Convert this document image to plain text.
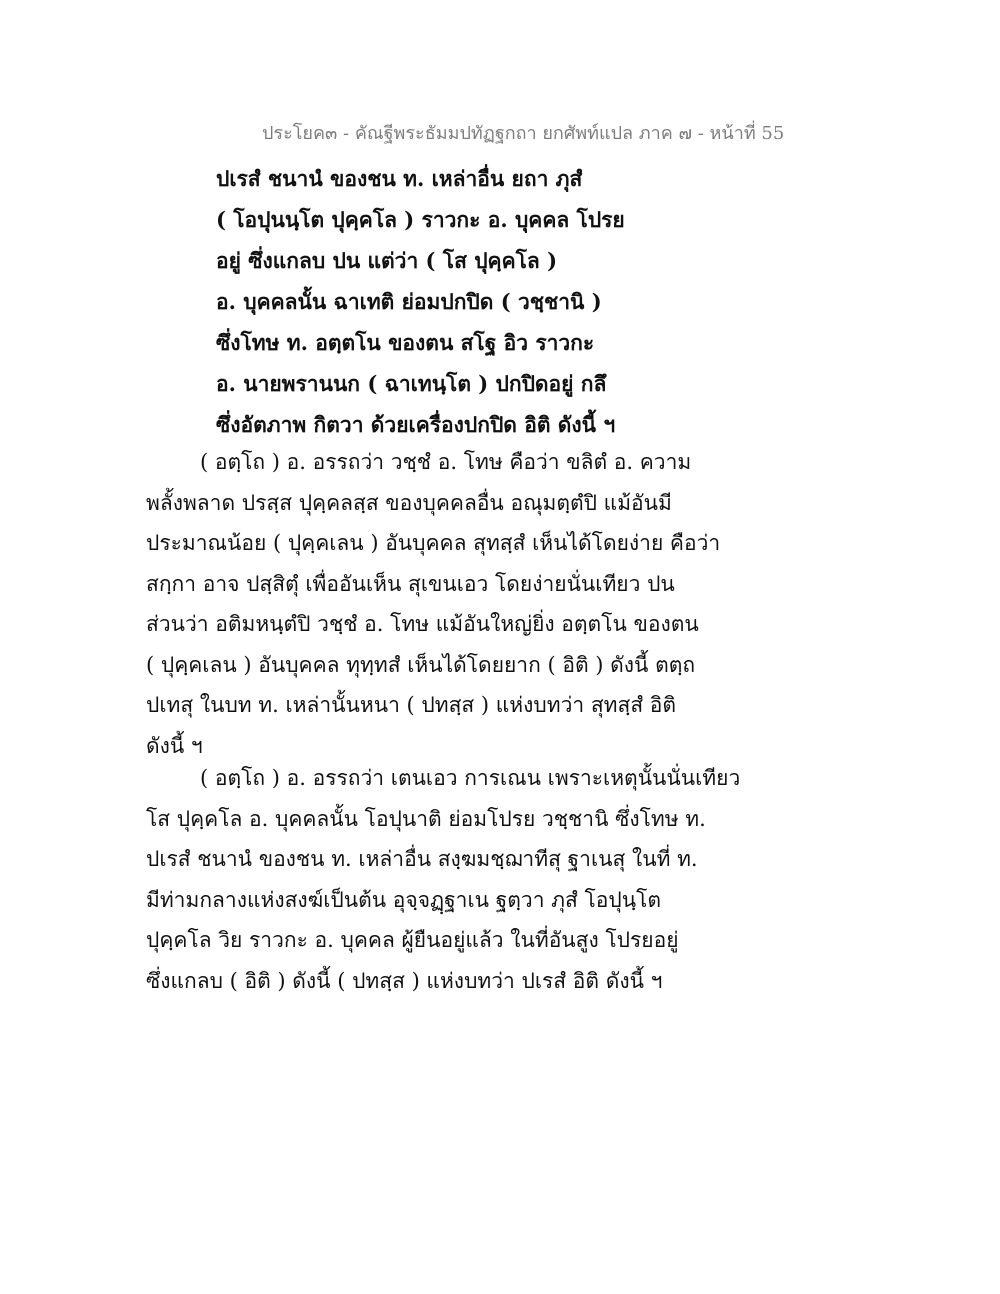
ประโยค๓ - คัณฐีพระธัมมปทัฏฐกถา ยกศัพท์แปล ภาค ๗ - หน้าที่ 55
ปเรสํ ชนานํ ของชน ท. เหล่าอื่น ยถา ภุสํ
( โอปุนนฺโต ปุคฺคโล ) ราวกะ อ. บุคคล โปรย
อยู่ ซึ่งแกลบ ปน แต่ว่า ( โส ปุคฺคโล )
อ. บุคคลนั้น ฉาเทติ ย่อมปกปิด ( วชฺชานิ )
ซึ่งโทษ ท. อตฺตโน ของตน สโฐ อิว ราวกะ
อ. นายพรานนก ( ฉาเทนฺโต ) ปกปิดอยู่ กลึ
ซึ่งอัตภาพ กิตวา ด้วยเครื่องปกปิด อิติ ดังนี้ ฯ
( อตฺโถ ) อ. อรรถว่า วชฺชํ อ. โทษ คือว่า ขลิตํ อ. ความ
พลั้งพลาด ปรสฺส ปุคฺคลสฺส ของบุคคลอื่น อณุมตฺตํปิ แม้อันมี
ประมาณน้อย ( ปุคฺคเลน ) อันบุคคล สุทสฺสํ เห็นได้โดยง่าย คือว่า
สกฺกา อาจ ปสฺสิตุํ เพื่ออันเห็น สุเขนเอว โดยง่ายนั่นเทียว ปน
ส่วนว่า อติมหนฺตํปิ วชฺชํ อ. โทษ แม้อันใหญ่ยิ่ง อตฺตโน ของตน
( ปุคฺคเลน ) อันบุคคล ทุทฺทสํ เห็นได้โดยยาก ( อิติ ) ดังนี้ ตตฺถ
ปเทสุ ในบท ท. เหล่านั้นหนา ( ปทสฺส ) แห่งบทว่า สุทสฺสํ อิติ
ดังนี้ ฯ
( อตฺโถ ) อ. อรรถว่า เตนเอว การเณน เพราะเหตุนั้นนั่นเทียว
โส ปุคฺคโล อ. บุคคลนั้น โอปุนาติ ย่อมโปรย วชฺชานิ ซึ่งโทษ ท.
ปเรสํ ชนานํ ของชน ท. เหล่าอื่น สงฺฆมชฺฌาทีสุ ฐาเนสุ ในที่ ท.
มีท่ามกลางแห่งสงฆ์เป็นต้น อุจฺจฏฺฐาเน ฐตฺวา ภุสํ โอปุนฺโต
ปุคฺคโล วิย ราวกะ อ. บุคคล ผู้ยืนอยู่แล้ว ในที่อันสูง โปรยอยู่
ซึ่งแกลบ ( อิติ ) ดังนี้ ( ปทสฺส ) แห่งบทว่า ปเรสํ อิติ ดังนี้ ฯ
